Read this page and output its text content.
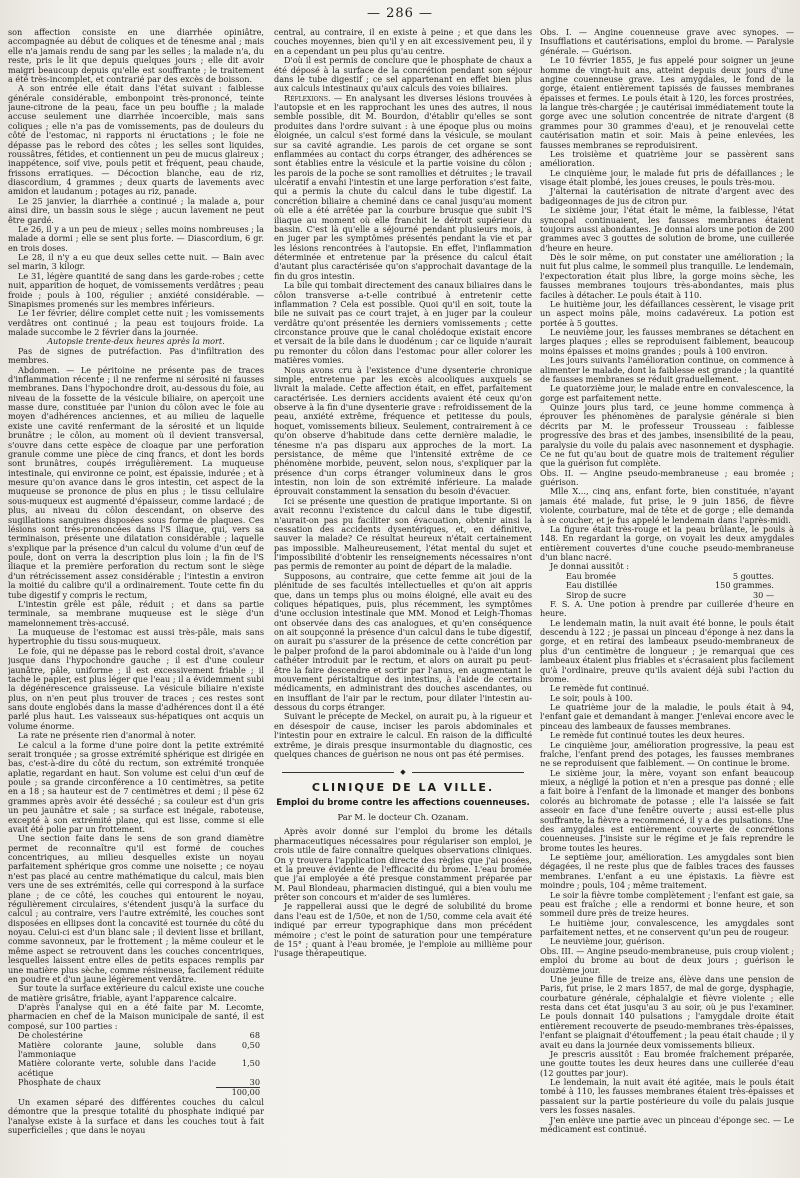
— 286 —

son affection consiste en une diarrhée opiniâtre, accompagnée au début de coliques et de ténesme anal ; mais elle n'a jamais rendu de sang par les selles ; la malade n'a, du reste, pris le lit que depuis quelques jours ; elle dit avoir maigri beaucoup depuis qu'elle est souffrante ; le traitement a été très-incomplet, et contrarié par des excès de boisson.

A son entrée elle était dans l'état suivant : faiblesse générale considérable, embonpoint très-prononcé, teinte jaune-citrone de la peau, face un peu bouffie ; la malade accuse seulement une diarrhée incoercible, mais sans coliques ; elle n'a pas de vomissements, pas de douleurs du côté de l'estomac, ni rapports ni éructations ; le foie ne dépasse pas le rebord des côtes ; les selles sont liquides, roussâtres, fétides, et contiennent un peu de mucus glaireux ; inappétence, soif vive, pouls petit et fréquent, peau chaude, frissons erratiques. — Décoction blanche, eau de riz, diascordium, 4 grammes ; deux quarts de lavements avec amidon et laudanum ; potages au riz, panade.

Le 25 janvier, la diarrhée a continué ; la malade a, pour ainsi dire, un bassin sous le siège ; aucun lavement ne peut être gardé.

Le 26, il y a un peu de mieux ; selles moins nombreuses ; la malade a dormi ; elle se sent plus forte. — Diascordium, 6 gr. en trois doses.

Le 28, il n'y a eu que deux selles cette nuit. — Bain avec sel marin, 3 kilogr.

Le 31, légère quantité de sang dans les garde-robes ; cette nuit, apparition de hoquet, de vomissements verdâtres ; peau froide ; pouls à 100, régulier ; anxiété considérable. — Sinapismes promenés sur les membres inférieurs.

Le 1er février, délire complet cette nuit ; les vomissements verdâtres ont continué ; la peau est toujours froide. La malade succombe le 2 février dans la journée.

Autopsie trente-deux heures après la mort.

Pas de signes de putréfaction. Pas d'infiltration des membres.

Abdomen. — Le péritoine ne présente pas de traces d'inflammation récente ; il ne renferme ni sérosité ni fausses membranes. Dans l'hypochondre droit, au-dessous du foie, au niveau de la fossette de la vésicule biliaire, on aperçoit une masse dure, constituée par l'union du côlon avec le foie au moyen d'adhérences anciennes, et au milieu de laquelle existe une cavité renfermant de la sérosité et un liquide brunâtre ; le côlon, au moment où il devient transversal, s'ouvre dans cette espèce de cloaque par une perforation granule comme une pièce de cinq francs, et dont les bords sont brunâtres, coupés irrégulièrement. La muqueuse intestinale, qui environne ce point, est épaissie, indurée ; et à mesure qu'on avance dans le gros intestin, cet aspect de la muqueuse se prononce de plus en plus ; le tissu cellulaire sous-muqueux est augmenté d'épaisseur, comme lardacé ; de plus, au niveau du côlon descendant, on observe des sugillations sanguines disposées sous forme de plaques. Ces lésions sont très-prononcées dans l'S iliaque, qui, vers sa terminaison, présente une dilatation considérable ; laquelle s'explique par la présence d'un calcul du volume d'un œuf de poule, dont on verra la description plus loin ; la fin de l'S iliaque et la première perforation du rectum sont le siège d'un rétrécissement assez considérable ; l'intestin a environ la moitié du calibre qu'il a ordinairement. Toute cette fin du tube digestif y compris le rectum,

L'intestin grêle est pâle, réduit ; et dans sa partie terminale, sa membrane muqueuse est le siège d'un mamelonnement très-accusé.

La muqueuse de l'estomac est aussi très-pâle, mais sans hypertrophie du tissu sous-muqueux.

Le foie, qui ne dépasse pas le rebord costal droit, s'avance jusque dans l'hypochondre gauche ; il est d'une couleur jaunâtre, pâle, uniforme ; il est excessivement friable ; il tache le papier, est plus léger que l'eau ; il a évidemment subi la dégénérescence graisseuse. La vésicule biliaire n'existe plus, on n'en peut plus trouver de traces ; ces restes sont sans doute englobés dans la masse d'adhérences dont il a été parlé plus haut. Les vaisseaux sus-hépatiques ont acquis un volume énorme.

La rate ne présente rien d'anormal à noter.

Le calcul a la forme d'une poire dont la petite extrémité serait tronquée ; sa grosse extrémité sphérique est dirigée en bas, c'est-à-dire du côté du rectum, son extrémité tronquée aplatie, regardant en haut. Son volume est celui d'un œuf de poule ; sa grande circonférence a 10 centimètres, sa petite en a 18 ; sa hauteur est de 7 centimètres et demi ; il pèse 62 grammes après avoir été desséché ; sa couleur est d'un gris un peu jaunâtre et sale ; sa surface est inégale, raboteuse, excepté à son extrémité plane, qui est lisse, comme si elle avait été polie par un frottement.

Une section faite dans le sens de son grand diamètre permet de reconnaître qu'il est formé de couches concentriques, au milieu desquelles existe un noyau parfaitement sphérique gros comme une noisette ; ce noyau n'est pas placé au centre mathématique du calcul, mais bien vers une de ses extrémités, celle qui correspond à la surface plane ; de ce côté, les couches qui entourent le noyau, régulièrement circulaires, s'étendent jusqu'à la surface du calcul ; au contraire, vers l'autre extrémité, les couches sont disposées en ellipses dont la concavité est tournée du côté du noyau. Celui-ci est d'un blanc sale ; il devient lisse et brillant, comme savonneux, par le frottement ; la même couleur et le même aspect se retrouvent dans les couches concentriques, lesquelles laissent entre elles de petits espaces remplis par une matière plus sèche, comme résineuse, facilement réduite en poudre et d'un jaune légèrement verdâtre.

Sur toute la surface extérieure du calcul existe une couche de matière grisâtre, friable, ayant l'apparence calcaire.

D'après l'analyse qui en a été faite par M. Lecomte, pharmacien en chef de la Maison municipale de santé, il est composé, sur 100 parties :

De cholestérine	68
Matière colorante jaune, soluble dans l'ammoniaque
0,50
Matière colorante verte, soluble dans l'acide acétique
1,50
Phosphate de chaux	30
100,00

Un examen séparé des différentes couches du calcul démontre que la presque totalité du phosphate indiqué par l'analyse existe à la surface et dans les couches tout à fait superficielles ; que dans le noyau

central, au contraire, il en existe à peine ; et que dans les couches moyennes, bien qu'il y en ait excessivement peu, il y en a cependant un peu plus qu'au centre.

D'où il est permis de conclure que le phosphate de chaux a été déposé à la surface de la concrétion pendant son séjour dans le tube digestif ; ce sel appartenant en effet bien plus aux calculs intestinaux qu'aux calculs des voies biliaires.

Réflexions. — En analysant les diverses lésions trouvées à l'autopsie et en les rapprochant les unes des autres, il nous semble possible, dit M. Bourdon, d'établir qu'elles se sont produites dans l'ordre suivant : à une époque plus ou moins éloignée, un calcul s'est formé dans la vésicule, se moulant sur sa cavité agrandie. Les parois de cet organe se sont enflammées au contact du corps étranger, des adhérences se sont établies entre la vésicule et la partie voisine du côlon ; les parois de la poche se sont ramollies et détruites ; le travail ulcératif a envahi l'intestin et une large perforation s'est faite, qui a permis la chute du calcul dans le tube digestif. La concrétion biliaire a cheminé dans ce canal jusqu'au moment où elle a été arrêtée par la courbure brusque que subit l'S iliaque au moment où elle franchit le détroit supérieur du bassin. C'est là qu'elle a séjourné pendant plusieurs mois, à en juger par les symptômes présentés pendant la vie et par les lésions rencontrées à l'autopsie. En effet, l'inflammation déterminée et entretenue par la présence du calcul était d'autant plus caractérisée qu'on s'approchait davantage de la fin du gros intestin.

La bile qui tombait directement des canaux biliaires dans le côlon transverse a-t-elle contribué à entretenir cette inflammation ? Cela est possible. Quoi qu'il en soit, toute la bile ne suivait pas ce court trajet, à en juger par la couleur verdâtre qu'ont présentée les derniers vomissements ; cette circonstance prouve que le canal cholédoque existait encore et versait de la bile dans le duodénum ; car ce liquide n'aurait pu remonter du côlon dans l'estomac pour aller colorer les matières vomies.

Nous avons cru à l'existence d'une dysenterie chronique simple, entretenue par les excès alcooliques auxquels se livrait la malade. Cette affection était, en effet, parfaitement caractérisée. Les derniers accidents avaient été ceux qu'on observe à la fin d'une dysenterie grave : refroidissement de la peau, anxiété extrême, fréquence et petitesse du pouls, hoquet, vomissements bilieux. Seulement, contrairement à ce qu'on observe d'habitude dans cette dernière maladie, le ténesme n'a pas disparu aux approches de la mort. La persistance, de même que l'intensité extrême de ce phénomène morbide, peuvent, selon nous, s'expliquer par la présence d'un corps étranger volumineux dans le gros intestin, non loin de son extrémité inférieure. La malade éprouvait constamment la sensation du besoin d'évacuer.

Ici se présente une question de pratique importante. Si on avait reconnu l'existence du calcul dans le tube digestif, n'aurait-on pas pu faciliter son évacuation, obtenir ainsi la cessation des accidents dysentériques, et, en définitive, sauver la malade? Ce résultat heureux n'était certainement pas impossible. Malheureusement, l'état mental du sujet et l'impossibilité d'obtenir les renseignements nécessaires n'ont pas permis de remonter au point de départ de la maladie.

Supposons, au contraire, que cette femme ait joui de la plénitude de ses facultés intellectuelles et qu'on ait appris que, dans un temps plus ou moins éloigné, elle avait eu des coliques hépatiques, puis, plus récemment, les symptômes d'une occlusion intestinale que MM. Monod et Leigh-Thomas ont observée dans des cas analogues, et qu'en conséquence on ait soupçonné la présence d'un calcul dans le tube digestif, on aurait pu s'assurer de la présence de cette concrétion par le palper profond de la paroi abdominale ou à l'aide d'un long cathéter introduit par le rectum, et alors on aurait pu peut-être la faire descendre et sortir par l'anus, en augmentant le mouvement péristaltique des intestins, à l'aide de certains médicaments, en administrant des douches ascendantes, ou en insufflant de l'air par le rectum, pour dilater l'intestin au-dessous du corps étranger.

Suivant le précepte de Meckel, on aurait pu, à la rigueur et en désespoir de cause, inciser les parois abdominales et l'intestin pour en extraire le calcul. En raison de la difficulté extrême, je dirais presque insurmontable du diagnostic, ces quelques chances de guérison ne nous ont pas été permises.

◆
CLINIQUE DE LA VILLE.
Emploi du brome contre les affections couenneuses.
Par M. le docteur Ch. Ozanam.

Après avoir donné sur l'emploi du brome les détails pharmaceutiques nécessaires pour régulariser son emploi, je crois utile de faire connaître quelques observations cliniques. On y trouvera l'application directe des règles que j'ai posées, et la preuve évidente de l'efficacité du brome. L'eau bromée que j'ai employée a été presque constamment préparée par M. Paul Blondeau, pharmacien distingué, qui a bien voulu me prêter son concours et m'aider de ses lumières.

Je rappellerai aussi que le degré de solubilité du brome dans l'eau est de 1/50e, et non de 1/50, comme cela avait été indiqué par erreur typographique dans mon précédent mémoire ; c'est le point de saturation pour une température de 15° ; quant à l'eau bromée, je l'emploie au millième pour l'usage thérapeutique.

Obs. I. — Angine couenneuse grave avec synopes. — Insufflations et cautérisations, emploi du brome. — Paralysie générale. — Guérison.

Le 10 février 1855, je fus appelé pour soigner un jeune homme de vingt-huit ans, atteint depuis deux jours d'une angine couenneuse grave. Les amygdales, le fond de la gorge, étaient entièrement tapissés de fausses membranes épaisses et fermes. Le pouls était à 120, les forces prostrées, la langue très-chargée ; je cautérisai immédiatement toute la gorge avec une solution concentrée de nitrate d'argent (8 grammes pour 30 grammes d'eau), et je renouvelai cette cautérisation matin et soir. Mais à peine enlevées, les fausses membranes se reproduisirent.

Les troisième et quatrième jour se passèrent sans amélioration.

Le cinquième jour, le malade fut pris de défaillances ; le visage était plombé, les joues creuses, le pouls très-mou.

J'alternai la cautérisation de nitrate d'argent avec des badigeonnages de jus de citron pur.

Le sixième jour, l'état était le même, la faiblesse, l'état syncopal continuaient, les fausses membranes étaient toujours aussi abondantes. Je donnai alors une potion de 200 grammes avec 3 gouttes de solution de brome, une cuillerée d'heure en heure.

Dès le soir même, on put constater une amélioration ; la nuit fut plus calme, le sommeil plus tranquille. Le lendemain, l'expectoration était plus libre, la gorge moins sèche, les fausses membranes toujours très-abondantes, mais plus faciles à détacher. Le pouls était à 110.

Le huitième jour, les défaillances cessèrent, le visage prit un aspect moins pâle, moins cadavéreux. La potion est portée à 5 gouttes.

Le neuvième jour, les fausses membranes se détachent en larges plaques ; elles se reproduisent faiblement, beaucoup moins épaisses et moins grandes ; pouls à 100 environ.

Les jours suivants l'amélioration continue, on commence à alimenter le malade, dont la faiblesse est grande ; la quantité de fausses membranes se réduit graduellement.

Le quatorzième jour, le malade entre en convalescence, la gorge est parfaitement nette.

Quinze jours plus tard, ce jeune homme commença à éprouver les phénomènes de paralysie générale si bien décrits par M. le professeur Trousseau : faiblesse progressive des bras et des jambes, insensibilité de la peau, paralysie du voile du palais avec nasonnement et dysphagie. Ce ne fut qu'au bout de quatre mois de traitement régulier que la guérison fut complète.

Obs. II. — Angine pseudo-membraneuse ; eau bromée ; guérison.

Mlle X..., cinq ans, enfant forte, bien constituée, n'ayant jamais été malade, fut prise, le 9 juin 1856, de fièvre violente, courbature, mal de tête et de gorge ; elle demanda à se coucher, et je fus appelé le lendemain dans l'après-midi.

La figure était très-rouge et la peau brûlante, le pouls à 148. En regardant la gorge, on voyait les deux amygdales entièrement couvertes d'une couche pseudo-membraneuse d'un blanc nacré.

Je donnai aussitôt :

Eau bromée	5 gouttes.
Eau distillée	150 grammes.
Sirop de sucre	30 —

F. S. A. Une potion à prendre par cuillerée d'heure en heure.

Le lendemain matin, la nuit avait été bonne, le pouls était descendu à 122 ; je passai un pinceau d'éponge à nez dans la gorge, et en retirai des lambeaux pseudo-membraneux de plus d'un centimètre de longueur ; je remarquai que ces lambeaux étaient plus friables et s'écrasaient plus facilement qu'à l'ordinaire, preuve qu'ils avaient déjà subi l'action du brome.

Le remède fut continué.

Le soir, pouls à 100.

Le quatrième jour de la maladie, le pouls était à 94, l'enfant gaie et demandant à manger. J'enlevai encore avec le pinceau des lambeaux de fausses membranes.

Le remède fut continué toutes les deux heures.

Le cinquième jour, amélioration progressive, la peau est fraîche, l'enfant prend des potages, les fausses membranes ne se reproduisent que faiblement. — On continue le brome.

Le sixième jour, la mère, voyant son enfant beaucoup mieux, a négligé la potion et n'en a presque pas donné ; elle a fait boire à l'enfant de la limonade et manger des bonbons colorés au bichromate de potasse ; elle l'a laissée se fait asseoir en face d'une fenêtre ouverte ; aussi est-elle plus souffrante, la fièvre a recommencé, il y a des pulsations. Une des amygdales est entièrement couverte de concrétions couenneuses. J'insiste sur le régime et je fais reprendre le brome toutes les heures.

Le septième jour, amélioration. Les amygdales sont bien dégagées, il ne reste plus que de faibles traces des fausses membranes. L'enfant a eu une épistaxis. La fièvre est moindre ; pouls, 104 ; même traitement.

Le soir la fièvre tombe complètement ; l'enfant est gaie, sa peau est fraîche ; elle a rendormi et bonne heure, et son sommeil dure près de treize heures.

Le huitième jour, convalescence, les amygdales sont parfaitement nettes, et ne conservent qu'un peu de rougeur.

Le neuvième jour, guérison.

Obs. III. — Angine pseudo-membraneuse, puis croup violent ; emploi du brome au bout de deux jours ; guérison le douzième jour.

Une jeune fille de treize ans, élève dans une pension de Paris, fut prise, le 2 mars 1857, de mal de gorge, dysphagie, courbature générale, céphalalgie et fièvre violente ; elle resta dans cet état jusqu'au 3 au soir, où je pus l'examiner. Le pouls donnait 140 pulsations ; l'amygdale droite était entièrement recouverte de pseudo-membranes très-épaisses, l'enfant se plaignait d'étouffement ; la peau était chaude ; il y avait eu dans la journée deux vomissements bilieux.

Je prescris aussitôt : Eau bromée fraîchement préparée, une goutte toutes les deux heures dans une cuillerée d'eau (12 gouttes par jour).

Le lendemain, la nuit avait été agitée, mais le pouls était tombé à 110, les fausses membranes étaient très-épaisses et passaient sur la partie postérieure du voile du palais jusque vers les fosses nasales.

J'en enlève une partie avec un pinceau d'éponge sec. — Le médicament est continué.
